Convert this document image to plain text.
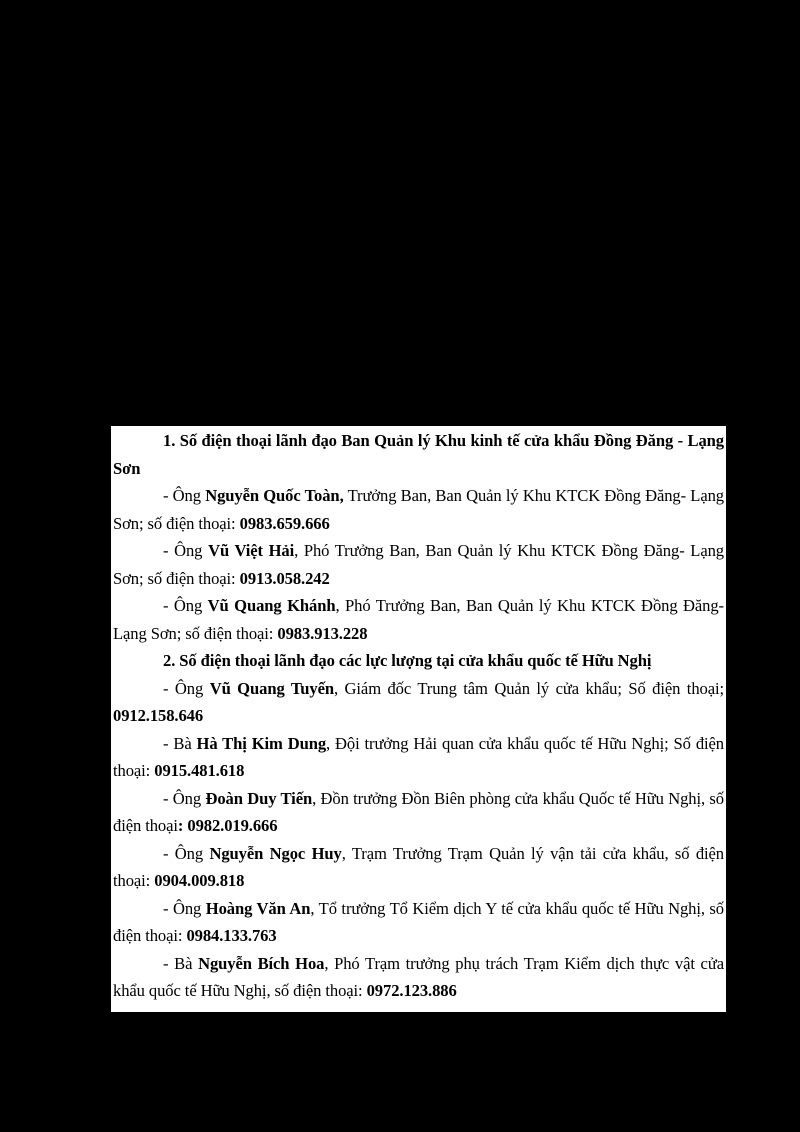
1. Số điện thoại lãnh đạo Ban Quản lý Khu kinh tế cửa khẩu Đồng Đăng - Lạng Sơn

- Ông Nguyễn Quốc Toàn, Trưởng Ban, Ban Quản lý Khu KTCK Đồng Đăng- Lạng Sơn; số điện thoại: 0983.659.666

- Ông Vũ Việt Hải, Phó Trưởng Ban, Ban Quản lý Khu KTCK Đồng Đăng- Lạng Sơn; số điện thoại: 0913.058.242

- Ông Vũ Quang Khánh, Phó Trưởng Ban, Ban Quản lý Khu KTCK Đồng Đăng- Lạng Sơn; số điện thoại: 0983.913.228

2. Số điện thoại lãnh đạo các lực lượng tại cửa khẩu quốc tế Hữu Nghị

- Ông Vũ Quang Tuyến, Giám đốc Trung tâm Quản lý cửa khẩu; Số điện thoại; 0912.158.646

- Bà Hà Thị Kim Dung, Đội trưởng Hải quan cửa khẩu quốc tế Hữu Nghị; Số điện thoại: 0915.481.618

- Ông Đoàn Duy Tiến, Đồn trưởng Đồn Biên phòng cửa khẩu Quốc tế Hữu Nghị, số điện thoại: 0982.019.666

- Ông Nguyễn Ngọc Huy, Trạm Trưởng Trạm Quản lý vận tải cửa khẩu, số điện thoại: 0904.009.818

- Ông Hoàng Văn An, Tổ trưởng Tổ Kiểm dịch Y tế cửa khẩu quốc tế Hữu Nghị, số điện thoại: 0984.133.763

- Bà Nguyễn Bích Hoa, Phó Trạm trưởng phụ trách Trạm Kiểm dịch thực vật cửa khẩu quốc tế Hữu Nghị, số điện thoại: 0972.123.886
